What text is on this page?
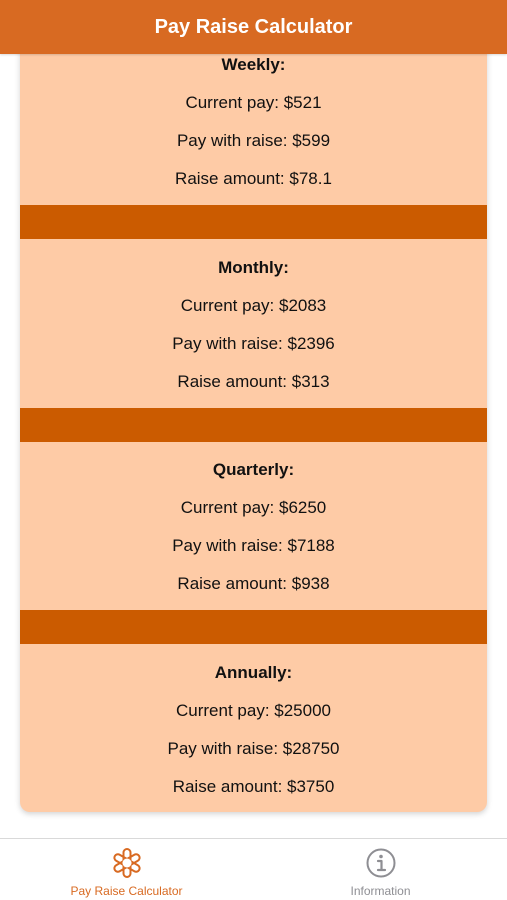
Pay Raise Calculator
Weekly:
Current pay: $521
Pay with raise: $599
Raise amount: $78.1
Monthly:
Current pay: $2083
Pay with raise: $2396
Raise amount: $313
Quarterly:
Current pay: $6250
Pay with raise: $7188
Raise amount: $938
Annually:
Current pay: $25000
Pay with raise: $28750
Raise amount: $3750
Pay Raise Calculator	Information
